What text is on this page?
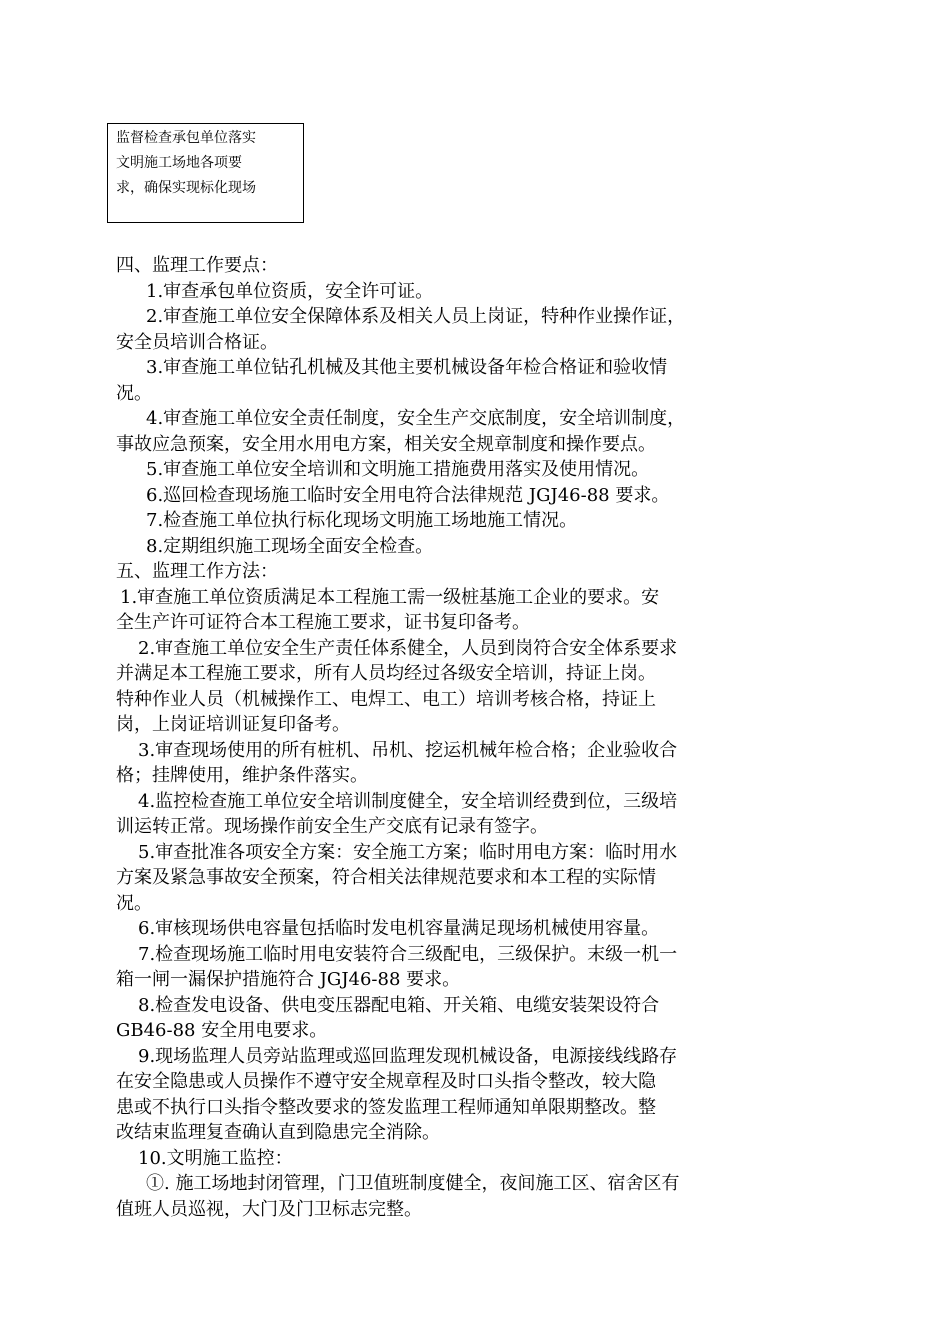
监督检查承包单位落实
文明施工场地各项要
求，确保实现标化现场

四、监理工作要点：

1.审查承包单位资质，安全许可证。

2.审查施工单位安全保障体系及相关人员上岗证，特种作业操作证，
安全员培训合格证。

3.审查施工单位钻孔机械及其他主要机械设备年检合格证和验收情
况。

4.审查施工单位安全责任制度，安全生产交底制度，安全培训制度，
事故应急预案，安全用水用电方案，相关安全规章制度和操作要点。

5.审查施工单位安全培训和文明施工措施费用落实及使用情况。

6.巡回检查现场施工临时安全用电符合法律规范 JGJ46-88 要求。

7.检查施工单位执行标化现场文明施工场地施工情况。

8.定期组织施工现场全面安全检查。

五、监理工作方法：

1.审查施工单位资质满足本工程施工需一级桩基施工企业的要求。安
全生产许可证符合本工程施工要求，证书复印备考。

2.审查施工单位安全生产责任体系健全，人员到岗符合安全体系要求
并满足本工程施工要求，所有人员均经过各级安全培训，持证上岗。
特种作业人员（机械操作工、电焊工、电工）培训考核合格，持证上
岗，上岗证培训证复印备考。

3.审查现场使用的所有桩机、吊机、挖运机械年检合格；企业验收合
格；挂牌使用，维护条件落实。

4.监控检查施工单位安全培训制度健全，安全培训经费到位，三级培
训运转正常。现场操作前安全生产交底有记录有签字。

5.审查批准各项安全方案：安全施工方案；临时用电方案：临时用水
方案及紧急事故安全预案，符合相关法律规范要求和本工程的实际情
况。

6.审核现场供电容量包括临时发电机容量满足现场机械使用容量。

7.检查现场施工临时用电安装符合三级配电，三级保护。末级一机一
箱一闸一漏保护措施符合 JGJ46-88 要求。

8.检查发电设备、供电变压器配电箱、开关箱、电缆安装架设符合
GB46-88 安全用电要求。

9.现场监理人员旁站监理或巡回监理发现机械设备，电源接线线路存
在安全隐患或人员操作不遵守安全规章程及时口头指令整改，较大隐
患或不执行口头指令整改要求的签发监理工程师通知单限期整改。整
改结束监理复查确认直到隐患完全消除。

10.文明施工监控：

①. 施工场地封闭管理，门卫值班制度健全，夜间施工区、宿舍区有
值班人员巡视，大门及门卫标志完整。
